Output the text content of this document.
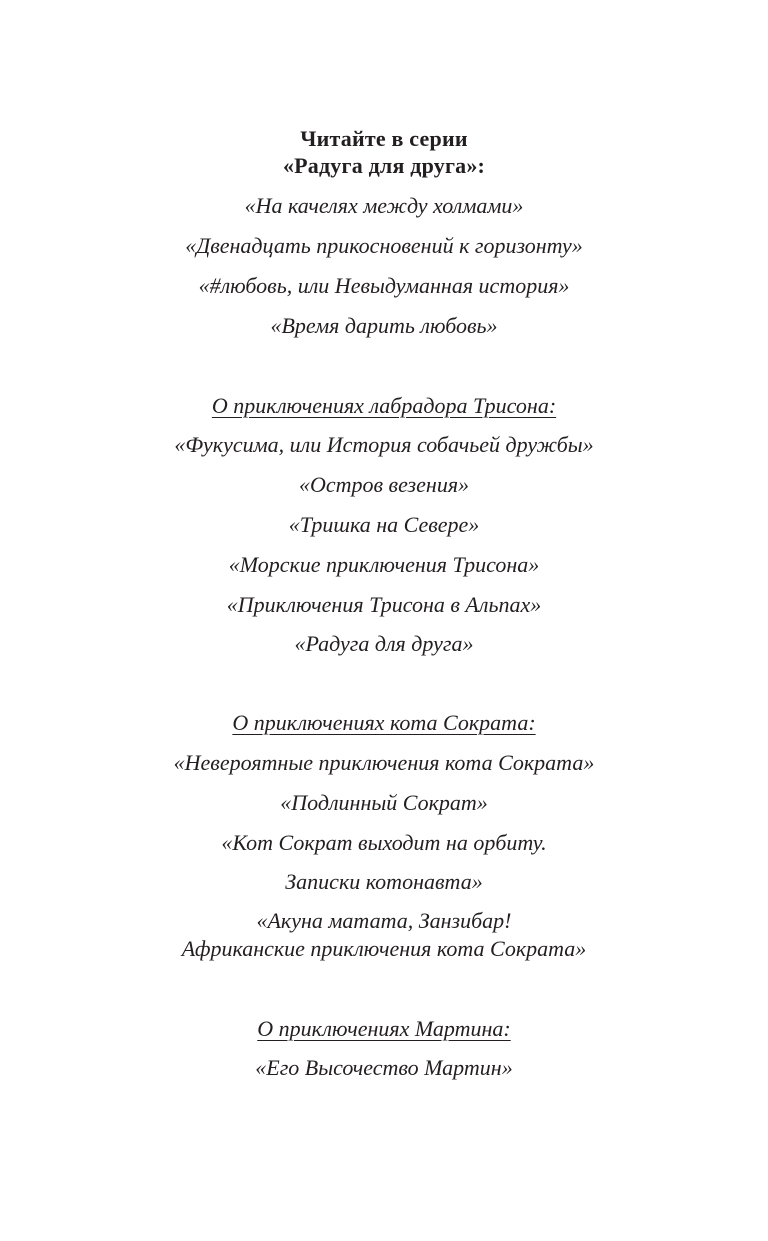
Читайте в серии
«Радуга для друга»:
«На качелях между холмами»
«Двенадцать прикосновений к горизонту»
«#любовь, или Невыдуманная история»
«Время дарить любовь»
О приключениях лабрадора Трисона:
«Фукусима, или История собачьей дружбы»
«Остров везения»
«Тришка на Севере»
«Морские приключения Трисона»
«Приключения Трисона в Альпах»
«Радуга для друга»
О приключениях кота Сократа:
«Невероятные приключения кота Сократа»
«Подлинный Сократ»
«Кот Сократ выходит на орбиту.
Записки котонавта»
«Акуна матата, Занзибар!
Африканские приключения кота Сократа»
О приключениях Мартина:
«Его Высочество Мартин»
